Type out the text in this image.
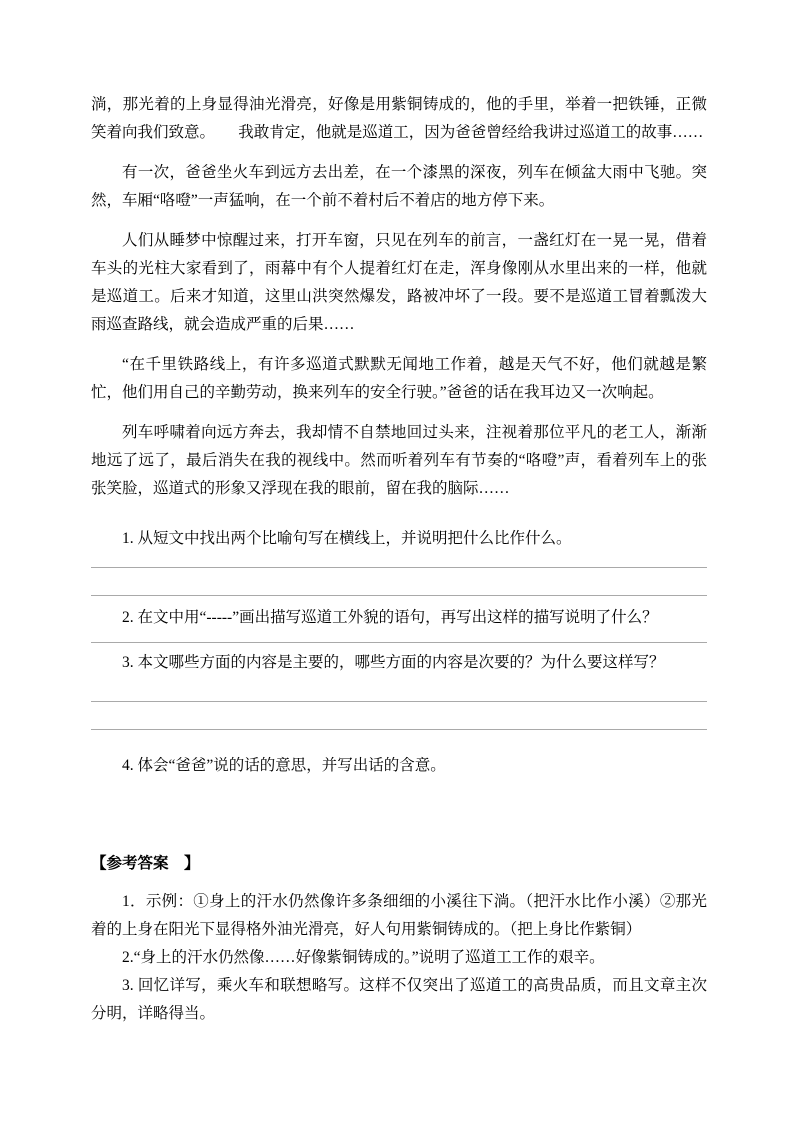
淌，那光着的上身显得油光滑亮，好像是用紫铜铸成的，他的手里，举着一把铁锤，正微笑着向我们致意。　　我敢肯定，他就是巡道工，因为爸爸曾经给我讲过巡道工的故事……
有一次，爸爸坐火车到远方去出差，在一个漆黑的深夜，列车在倾盆大雨中飞驰。突然，车厢“咯噔”一声猛响，在一个前不着村后不着店的地方停下来。
人们从睡梦中惊醒过来，打开车窗，只见在列车的前言，一盏红灯在一晃一晃，借着车头的光柱大家看到了，雨幕中有个人提着红灯在走，浑身像刚从水里出来的一样，他就是巡道工。后来才知道，这里山洪突然爆发，路被冲坏了一段。要不是巡道工冒着瓢泼大雨巡查路线，就会造成严重的后果……
“在千里铁路线上，有许多巡道式默默无闻地工作着，越是天气不好，他们就越是繁忙，他们用自己的辛勤劳动，换来列车的安全行驶。”爸爸的话在我耳边又一次响起。
列车呼啸着向远方奔去，我却情不自禁地回过头来，注视着那位平凡的老工人，渐渐地远了远了，最后消失在我的视线中。然而听着列车有节奏的“咯噔”声，看着列车上的张张笑脸，巡道式的形象又浮现在我的眼前，留在我的脑际……
1. 从短文中找出两个比喻句写在横线上，并说明把什么比作什么。
2. 在文中用“-----”画出描写巡道工外貌的语句，再写出这样的描写说明了什么？
3. 本文哪些方面的内容是主要的，哪些方面的内容是次要的？为什么要这样写？
4. 体会“爸爸”说的话的意思，并写出话的含意。
【参考答案　】
1．示例：①身上的汗水仍然像许多条细细的小溪往下淌。（把汗水比作小溪）②那光着的上身在阳光下显得格外油光滑亮，好人句用紫铜铸成的。（把上身比作紫铜）
2.“身上的汗水仍然像……好像紫铜铸成的。”说明了巡道工工作的艰辛。
3. 回忆详写，乘火车和联想略写。这样不仅突出了巡道工的高贵品质，而且文章主次分明，详略得当。
